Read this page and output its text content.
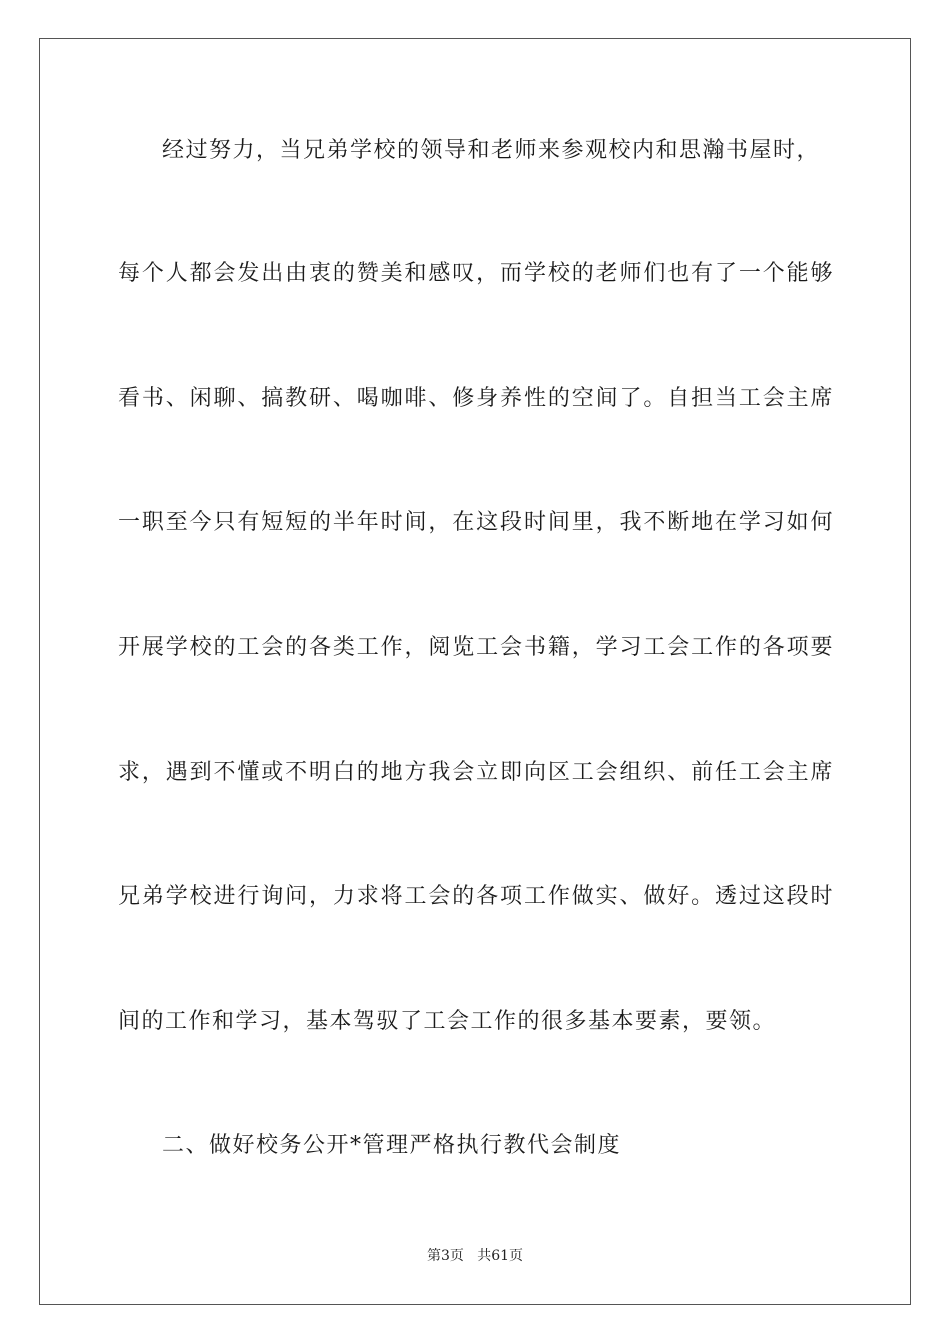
经过努力，当兄弟学校的领导和老师来参观校内和思瀚书屋时，
每个人都会发出由衷的赞美和感叹，而学校的老师们也有了一个能够
看书、闲聊、搞教研、喝咖啡、修身养性的空间了。自担当工会主席
一职至今只有短短的半年时间，在这段时间里，我不断地在学习如何
开展学校的工会的各类工作，阅览工会书籍，学习工会工作的各项要
求，遇到不懂或不明白的地方我会立即向区工会组织、前任工会主席
兄弟学校进行询问，力求将工会的各项工作做实、做好。透过这段时
间的工作和学习，基本驾驭了工会工作的很多基本要素，要领。
二、做好校务公开*管理严格执行教代会制度
第3页   共61页
